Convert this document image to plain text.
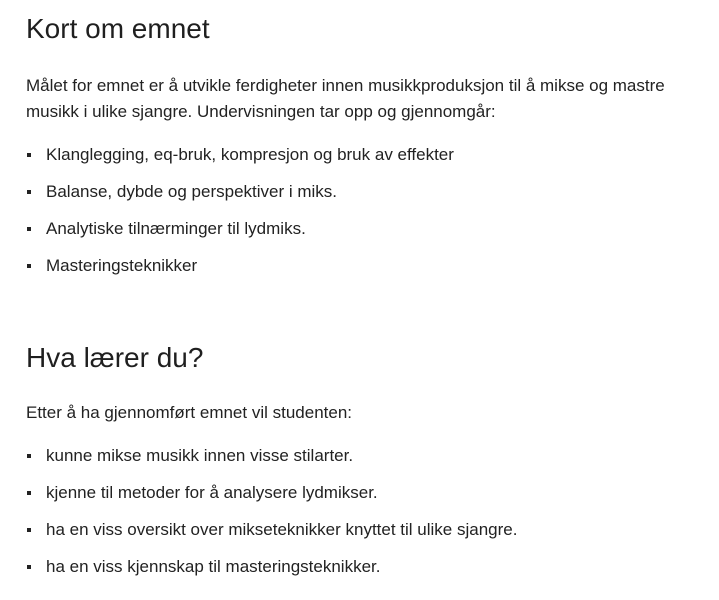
Kort om emnet

Målet for emnet er å utvikle ferdigheter innen musikkproduksjon til å mikse og mastre musikk i ulike sjangre. Undervisningen tar opp og gjennomgår:

Klanglegging, eq-bruk, kompresjon og bruk av effekter
Balanse, dybde og perspektiver i miks.
Analytiske tilnærminger til lydmiks.
Masteringsteknikker
Hva lærer du?

Etter å ha gjennomført emnet vil studenten:

kunne mikse musikk innen visse stilarter.
kjenne til metoder for å analysere lydmikser.
ha en viss oversikt over mikseteknikker knyttet til ulike sjangre.
ha en viss kjennskap til masteringsteknikker.
